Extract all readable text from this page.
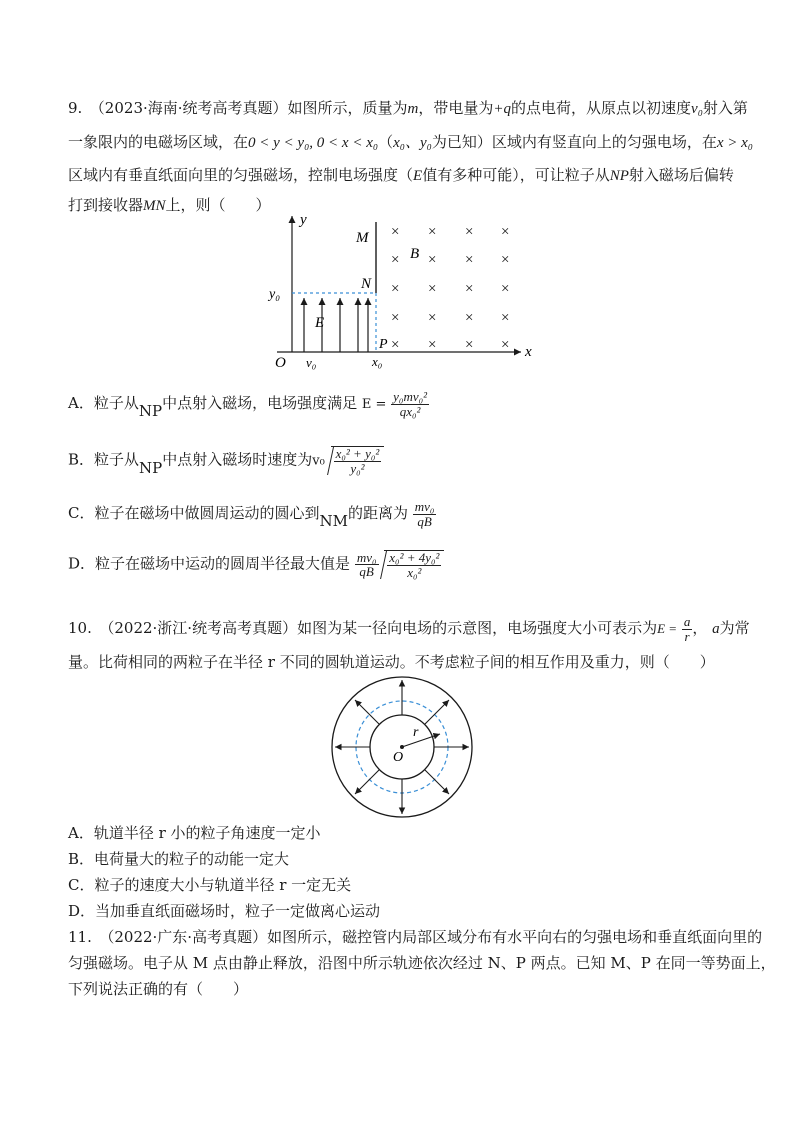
9.　（2023·海南·统考高考真题）如图所示，质量为m，带电量为+q的点电荷，从原点以初速度v₀射入第
一象限内的电磁场区域，在0 < y < y₀, 0 < x < x₀（x₀、y₀为已知）区域内有竖直向上的匀强电场，在x > x₀
区域内有垂直纸面向里的匀强磁场，控制电场强度（E值有多种可能），可让粒子从NP射入磁场后偏转
打到接收器MN上，则（　　）
y
x
y₀
M
N
P
E
O v₀	x₀
× × × ×
× × × ×
× × × ×
× × × ×
× × × ×
B
A．粒子从NP中点射入磁场，电场强度满足 $E = \frac{\text{y₀mv₀²}}{\text{qx₀²}}$
B．粒子从NP中点射入磁场时速度为$v_0 \frac{\text{x₀² + y₀²}}{\text{y₀²}}$
C．粒子在磁场中做圆周运动的圆心到NM的距离为 $\frac{\text{mv₀}}{qB}$
D．粒子在磁场中运动的圆周半径最大值是 $\frac{\text{mv₀}}{qB}$
$\frac{\text{x₀² + 4y₀²}}{\text{x₀²}}$
10.　（2022·浙江·统考高考真题）如图为某一径向电场的示意图，电场强度大小可表示为$E = \frac{a}{r}$ ， a为常
量。比荷相同的两粒子在半径 r 不同的圆轨道运动。不考虑粒子间的相互作用及重力，则（　　）
r
O
A．轨道半径 r 小的粒子角速度一定小
B．电荷量大的粒子的动能一定大
C．粒子的速度大小与轨道半径 r 一定无关
D．当加垂直纸面磁场时，粒子一定做离心运动
11.　（2022·广东·高考真题）如图所示，磁控管内局部区域分布有水平向右的匀强电场和垂直纸面向里的
匀强磁场。电子从 M 点由静止释放，沿图中所示轨迹依次经过 N、P 两点。已知 M、P 在同一等势面上，
下列说法正确的有（　　）
